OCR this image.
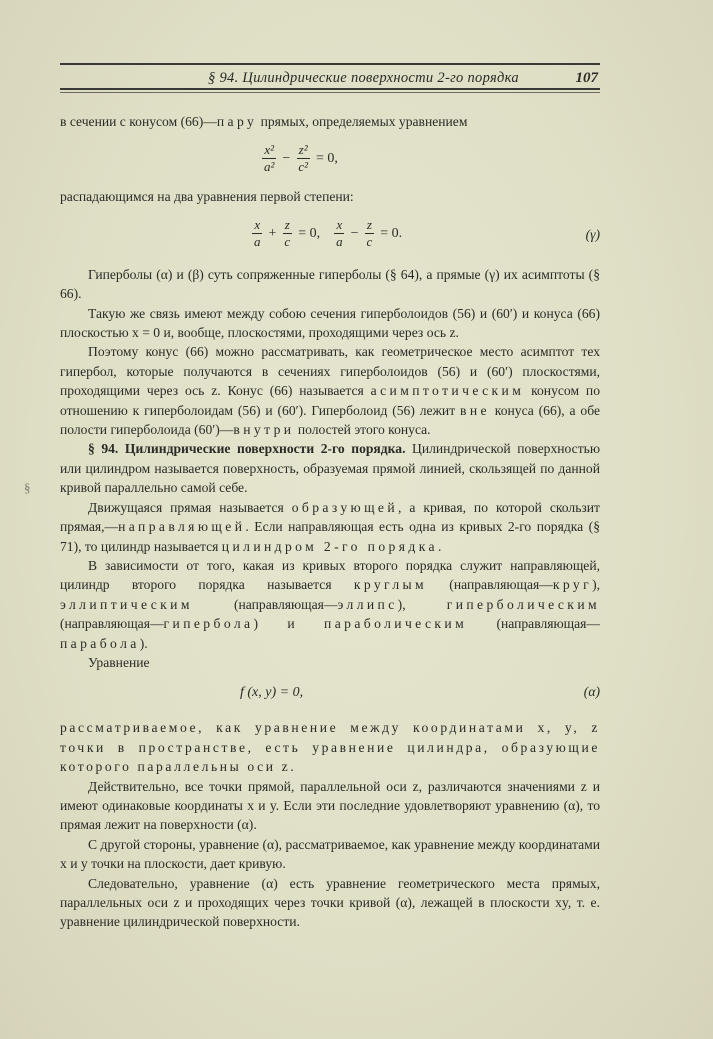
§ 94. Цилиндрические поверхности 2-го порядка	107
§

в сечении с конусом (66)—пару прямых, определяемых уравнением

$\frac{\text{x²}}{\text{a²}} - \frac{\text{z²}}{\text{c²}} = 0$,

распадающимся на два уравнения первой степени:

$\frac{x}{a} + \frac{z}{c} = 0$, $\frac{x}{a} - \frac{z}{c} = 0$.	(γ)

Гиперболы (α) и (β) суть сопряженные гиперболы (§ 64), а прямые (γ) их асимптоты (§ 66).

Такую же связь имеют между собою сечения гиперболоидов (56) и (60′) и конуса (66) плоскостью x = 0 и, вообще, плоскостями, проходящими через ось z.

Поэтому конус (66) можно рассматривать, как геометрическое место асимптот тех гипербол, которые получаются в сечениях гиперболоидов (56) и (60′) плоскостями, проходящими через ось z. Конус (66) называется асимптотическим конусом по отношению к гиперболоидам (56) и (60′). Гиперболоид (56) лежит вне конуса (66), а обе полости гиперболоида (60′)—внутри полостей этого конуса.

§ 94. Цилиндрические поверхности 2-го порядка. Цилиндрической поверхностью или цилиндром называется поверхность, образуемая прямой линией, скользящей по данной кривой параллельно самой себе.

Движущаяся прямая называется образующей, а кривая, по которой скользит прямая,—направляющей. Если направляющая есть одна из кривых 2-го порядка (§ 71), то цилиндр называется цилиндром 2-го порядка.

В зависимости от того, какая из кривых второго порядка служит направляющей, цилиндр второго порядка называется круглым (направляющая—круг), эллиптическим (направляющая—эллипс), гиперболическим (направляющая—гипербола) и параболическим (направляющая—парабола).

Уравнение

f (x, y) = 0,	(α)

рассматриваемое, как уравнение между координатами x, y, z точки в пространстве, есть уравнение цилиндра, образующие которого параллельны оси z.

Действительно, все точки прямой, параллельной оси z, различаются значениями z и имеют одинаковые координаты x и y. Если эти последние удовлетворяют уравнению (α), то прямая лежит на поверхности (α).

С другой стороны, уравнение (α), рассматриваемое, как уравнение между координатами x и y точки на плоскости, дает кривую.

Следовательно, уравнение (α) есть уравнение геометрического места прямых, параллельных оси z и проходящих через точки кривой (α), лежащей в плоскости xy, т. е. уравнение цилиндрической поверхности.
